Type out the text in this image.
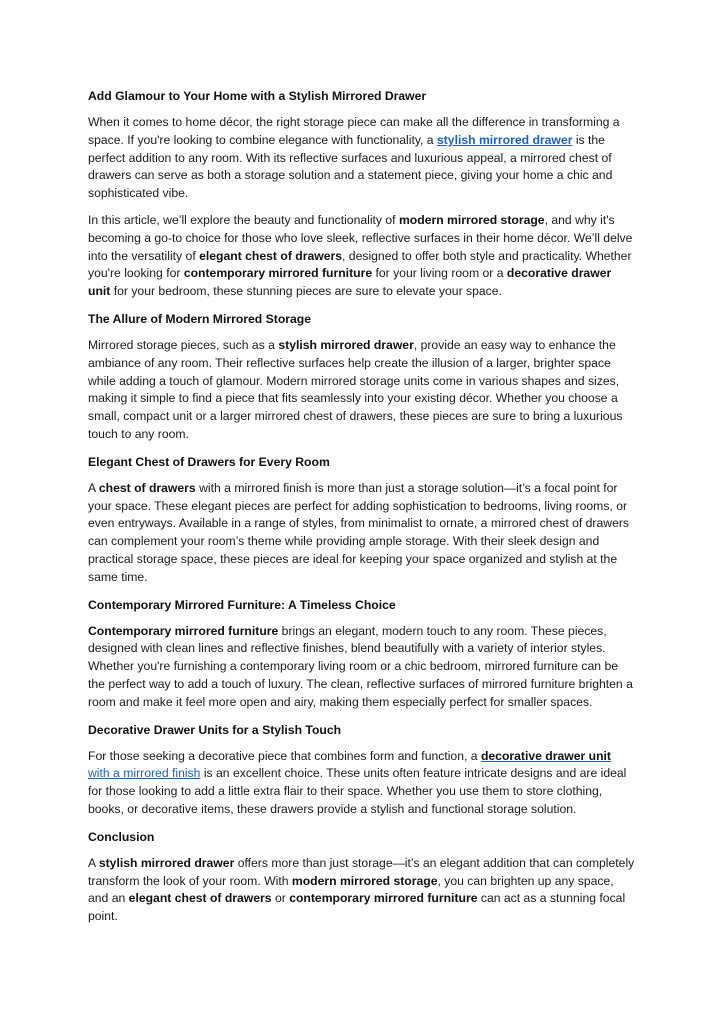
Add Glamour to Your Home with a Stylish Mirrored Drawer

When it comes to home décor, the right storage piece can make all the difference in transforming a space. If you're looking to combine elegance with functionality, a stylish mirrored drawer is the perfect addition to any room. With its reflective surfaces and luxurious appeal, a mirrored chest of drawers can serve as both a storage solution and a statement piece, giving your home a chic and sophisticated vibe.

In this article, we’ll explore the beauty and functionality of modern mirrored storage, and why it's becoming a go-to choice for those who love sleek, reflective surfaces in their home décor. We’ll delve into the versatility of elegant chest of drawers, designed to offer both style and practicality. Whether you're looking for contemporary mirrored furniture for your living room or a decorative drawer unit for your bedroom, these stunning pieces are sure to elevate your space.

The Allure of Modern Mirrored Storage

Mirrored storage pieces, such as a stylish mirrored drawer, provide an easy way to enhance the ambiance of any room. Their reflective surfaces help create the illusion of a larger, brighter space while adding a touch of glamour. Modern mirrored storage units come in various shapes and sizes, making it simple to find a piece that fits seamlessly into your existing décor. Whether you choose a small, compact unit or a larger mirrored chest of drawers, these pieces are sure to bring a luxurious touch to any room.

Elegant Chest of Drawers for Every Room

A chest of drawers with a mirrored finish is more than just a storage solution—it’s a focal point for your space. These elegant pieces are perfect for adding sophistication to bedrooms, living rooms, or even entryways. Available in a range of styles, from minimalist to ornate, a mirrored chest of drawers can complement your room’s theme while providing ample storage. With their sleek design and practical storage space, these pieces are ideal for keeping your space organized and stylish at the same time.

Contemporary Mirrored Furniture: A Timeless Choice

Contemporary mirrored furniture brings an elegant, modern touch to any room. These pieces, designed with clean lines and reflective finishes, blend beautifully with a variety of interior styles. Whether you're furnishing a contemporary living room or a chic bedroom, mirrored furniture can be the perfect way to add a touch of luxury. The clean, reflective surfaces of mirrored furniture brighten a room and make it feel more open and airy, making them especially perfect for smaller spaces.

Decorative Drawer Units for a Stylish Touch

For those seeking a decorative piece that combines form and function, a decorative drawer unit with a mirrored finish is an excellent choice. These units often feature intricate designs and are ideal for those looking to add a little extra flair to their space. Whether you use them to store clothing, books, or decorative items, these drawers provide a stylish and functional storage solution.

Conclusion

A stylish mirrored drawer offers more than just storage—it’s an elegant addition that can completely transform the look of your room. With modern mirrored storage, you can brighten up any space, and an elegant chest of drawers or contemporary mirrored furniture can act as a stunning focal point.
